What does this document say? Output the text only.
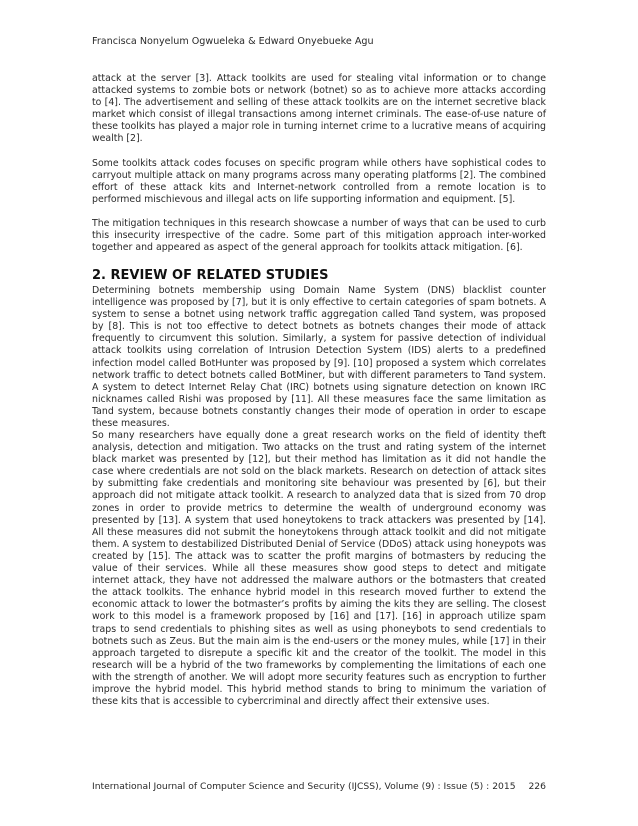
Francisca Nonyelum Ogwueleka & Edward Onyebueke Agu
attack at the server [3]. Attack toolkits are used for stealing vital information or to change attacked systems to zombie bots or network (botnet) so as to achieve more attacks according to [4]. The advertisement and selling of these attack toolkits are on the internet secretive black market which consist of illegal transactions among internet criminals. The ease-of-use nature of these toolkits has played a major role in turning internet crime to a lucrative means of acquiring wealth [2].
Some toolkits attack codes focuses on specific program while others have sophistical codes to carryout multiple attack on many programs across many operating platforms [2]. The combined effort of these attack kits and Internet-network controlled from a remote location is to performed mischievous and illegal acts on life supporting information and equipment. [5].
The mitigation techniques in this research showcase a number of ways that can be used to curb this insecurity irrespective of the cadre. Some part of this mitigation approach inter-worked together and appeared as aspect of the general approach for toolkits attack mitigation. [6].
2. REVIEW OF RELATED STUDIES
Determining botnets membership using Domain Name System (DNS) blacklist counter intelligence was proposed by [7], but it is only effective to certain categories of spam botnets. A system to sense a botnet using network traffic aggregation called Tand system, was proposed by [8]. This is not too effective to detect botnets as botnets changes their mode of attack frequently to circumvent this solution. Similarly, a system for passive detection of individual attack toolkits using correlation of Intrusion Detection System (IDS) alerts to a predefined infection model called BotHunter was proposed by [9]. [10] proposed a system which correlates network traffic to detect botnets called BotMiner, but with different parameters to Tand system. A system to detect Internet Relay Chat (IRC) botnets using signature detection on known IRC nicknames called Rishi was proposed by [11]. All these measures face the same limitation as Tand system, because botnets constantly changes their mode of operation in order to escape these measures.
So many researchers have equally done a great research works on the field of identity theft analysis, detection and mitigation. Two attacks on the trust and rating system of the internet black market was presented by [12], but their method has limitation as it did not handle the case where credentials are not sold on the black markets. Research on detection of attack sites by submitting fake credentials and monitoring site behaviour was presented by [6], but their approach did not mitigate attack toolkit. A research to analyzed data that is sized from 70 drop zones in order to provide metrics to determine the wealth of underground economy was presented by [13]. A system that used honeytokens to track attackers was presented by [14]. All these measures did not submit the honeytokens through attack toolkit and did not mitigate them. A system to destabilized Distributed Denial of Service (DDoS) attack using honeypots was created by [15]. The attack was to scatter the profit margins of botmasters by reducing the value of their services. While all these measures show good steps to detect and mitigate internet attack, they have not addressed the malware authors or the botmasters that created the attack toolkits. The enhance hybrid model in this research moved further to extend the economic attack to lower the botmaster’s profits by aiming the kits they are selling. The closest work to this model is a framework proposed by [16] and [17]. [16] in approach utilize spam traps to send credentials to phishing sites as well as using phoneybots to send credentials to botnets such as Zeus. But the main aim is the end-users or the money mules, while [17] in their approach targeted to disrepute a specific kit and the creator of the toolkit. The model in this research will be a hybrid of the two frameworks by complementing the limitations of each one with the strength of another. We will adopt more security features such as encryption to further improve the hybrid model. This hybrid method stands to bring to minimum the variation of these kits that is accessible to cybercriminal and directly affect their extensive uses.
International Journal of Computer Science and Security (IJCSS), Volume (9) : Issue (5) : 2015 226
